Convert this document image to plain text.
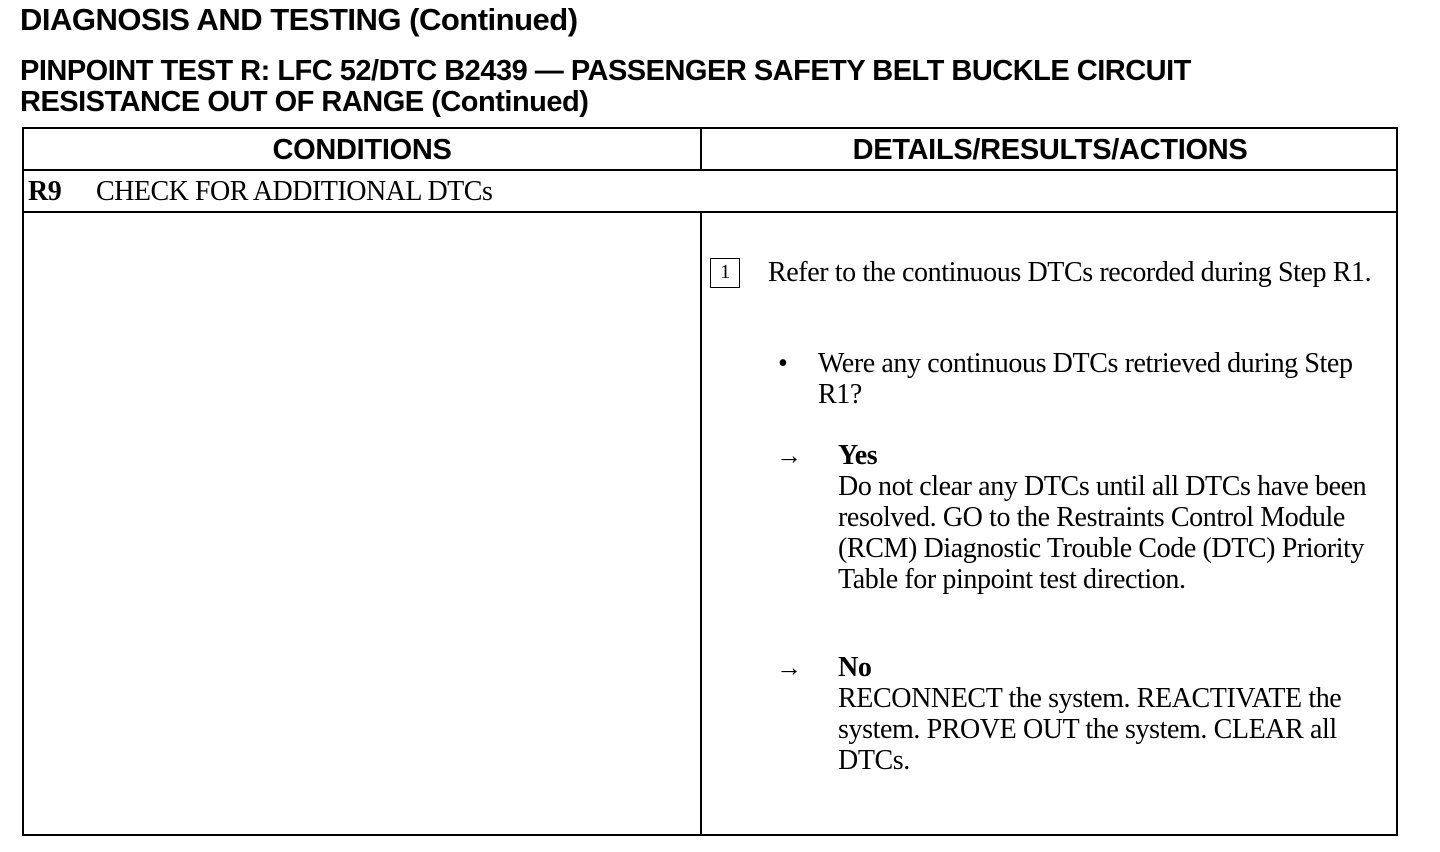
DIAGNOSIS AND TESTING (Continued)
PINPOINT TEST R: LFC 52/DTC B2439 — PASSENGER SAFETY BELT BUCKLE CIRCUIT RESISTANCE OUT OF RANGE (Continued)
CONDITIONS	DETAILS/RESULTS/ACTIONS
R9 CHECK FOR ADDITIONAL DTCs
1	Refer to the continuous DTCs recorded during Step R1.
• Were any continuous DTCs retrieved during Step R1?
→ Yes
Do not clear any DTCs until all DTCs have been resolved. GO to the Restraints Control Module (RCM) Diagnostic Trouble Code (DTC) Priority Table for pinpoint test direction.
→ No
RECONNECT the system. REACTIVATE the system. PROVE OUT the system. CLEAR all DTCs.
